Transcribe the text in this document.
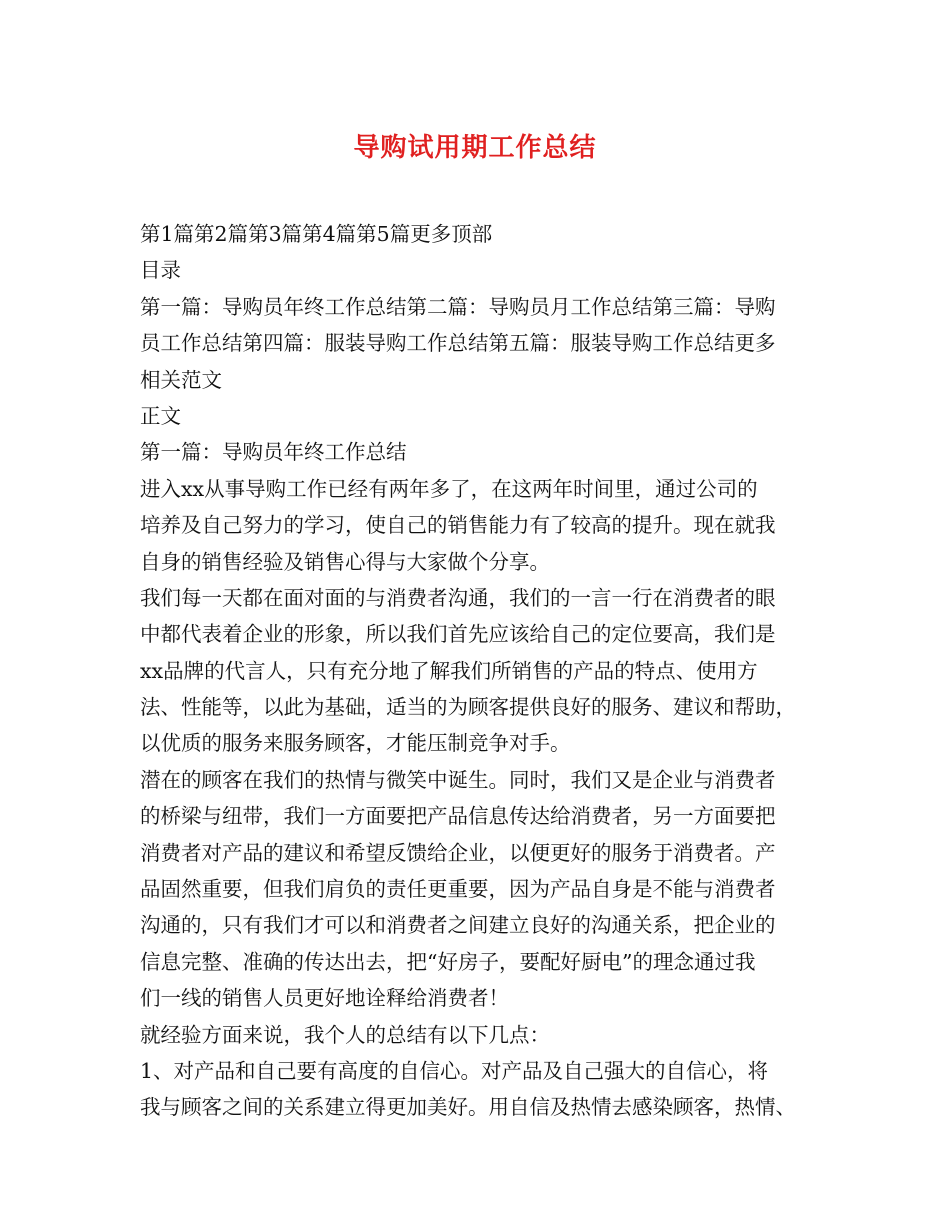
导购试用期工作总结
第1篇第2篇第3篇第4篇第5篇更多顶部
目录
第一篇：导购员年终工作总结第二篇：导购员月工作总结第三篇：导购
员工作总结第四篇：服装导购工作总结第五篇：服装导购工作总结更多
相关范文
正文
第一篇：导购员年终工作总结
进入xx从事导购工作已经有两年多了，在这两年时间里，通过公司的
培养及自己努力的学习，使自己的销售能力有了较高的提升。现在就我
自身的销售经验及销售心得与大家做个分享。
我们每一天都在面对面的与消费者沟通，我们的一言一行在消费者的眼
中都代表着企业的形象，所以我们首先应该给自己的定位要高，我们是
xx品牌的代言人，只有充分地了解我们所销售的产品的特点、使用方
法、性能等，以此为基础，适当的为顾客提供良好的服务、建议和帮助，
以优质的服务来服务顾客，才能压制竞争对手。
潜在的顾客在我们的热情与微笑中诞生。同时，我们又是企业与消费者
的桥梁与纽带，我们一方面要把产品信息传达给消费者，另一方面要把
消费者对产品的建议和希望反馈给企业，以便更好的服务于消费者。产
品固然重要，但我们肩负的责任更重要，因为产品自身是不能与消费者
沟通的，只有我们才可以和消费者之间建立良好的沟通关系，把企业的
信息完整、准确的传达出去，把“好房子，要配好厨电”的理念通过我
们一线的销售人员更好地诠释给消费者！
就经验方面来说，我个人的总结有以下几点：
1、对产品和自己要有高度的自信心。对产品及自己强大的自信心，将
我与顾客之间的关系建立得更加美好。用自信及热情去感染顾客，热情、
